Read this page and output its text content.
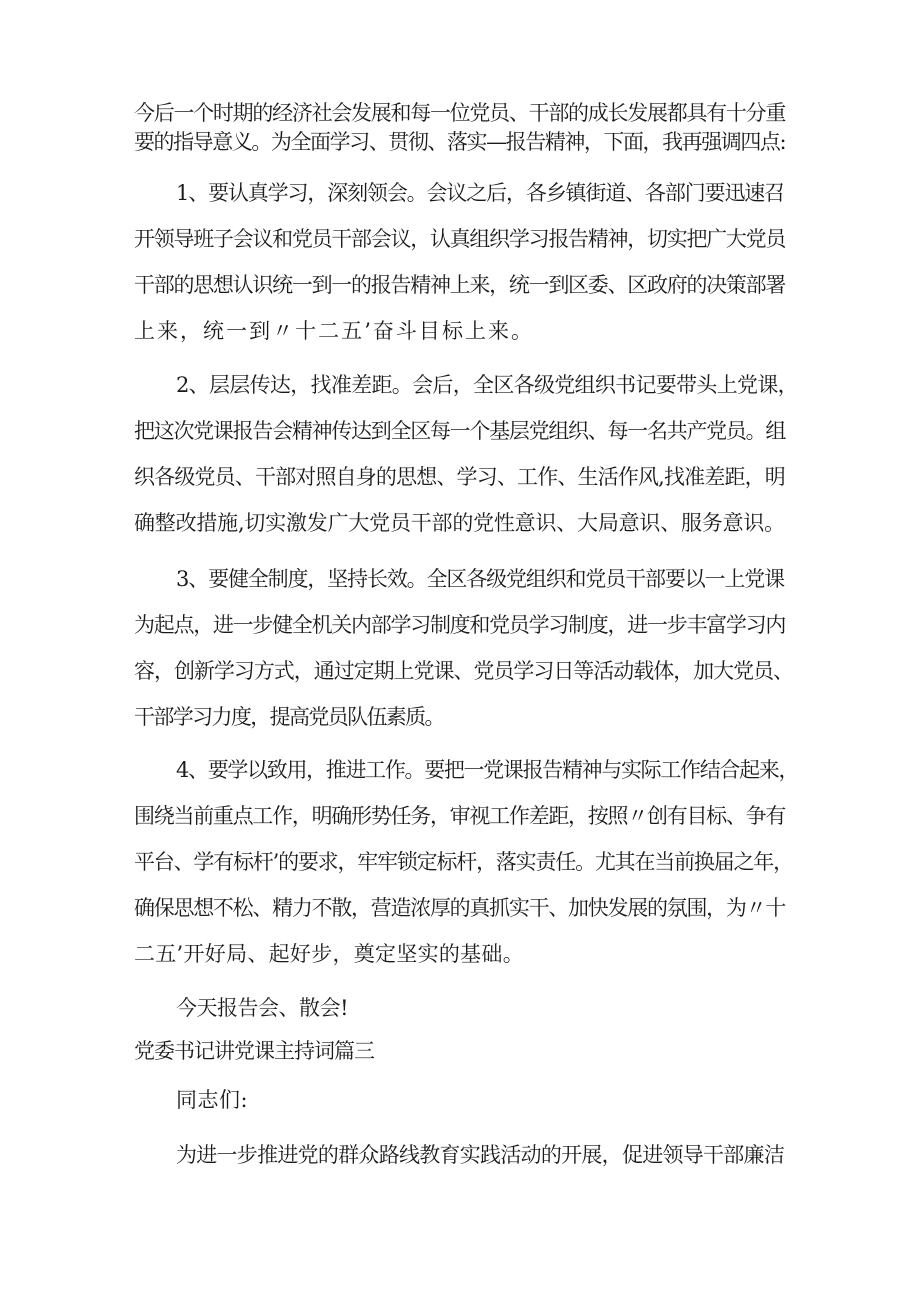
今后一个时期的经济社会发展和每一位党员、干部的成长发展都具有十分重

要的指导意义。为全面学习、贯彻、落实—报告精神，下面，我再强调四点:

1、要认真学习，深刻领会。会议之后，各乡镇街道、各部门要迅速召

开领导班子会议和党员干部会议，认真组织学习报告精神，切实把广大党员

干部的思想认识统一到一的报告精神上来，统一到区委、区政府的决策部署

上来，统一到〃十二五’奋斗目标上来。

2、层层传达，找准差距。会后，全区各级党组织书记要带头上党课，

把这次党课报告会精神传达到全区每一个基层党组织、每一名共产党员。组

织各级党员、干部对照自身的思想、学习、工作、生活作风,找准差距，明

确整改措施,切实激发广大党员干部的党性意识、大局意识、服务意识。

3、要健全制度，坚持长效。全区各级党组织和党员干部要以一上党课

为起点，进一步健全机关内部学习制度和党员学习制度，进一步丰富学习内

容，创新学习方式，通过定期上党课、党员学习日等活动载体，加大党员、

干部学习力度，提高党员队伍素质。

4、要学以致用，推进工作。要把一党课报告精神与实际工作结合起来，

围绕当前重点工作，明确形势任务，审视工作差距，按照〃创有目标、争有

平台、学有标杆’的要求，牢牢锁定标杆，落实责任。尤其在当前换届之年，

确保思想不松、精力不散，营造浓厚的真抓实干、加快发展的氛围，为〃十

二五’开好局、起好步，奠定坚实的基础。

今天报告会、散会!

党委书记讲党课主持词篇三

同志们:

为进一步推进党的群众路线教育实践活动的开展，促进领导干部廉洁
